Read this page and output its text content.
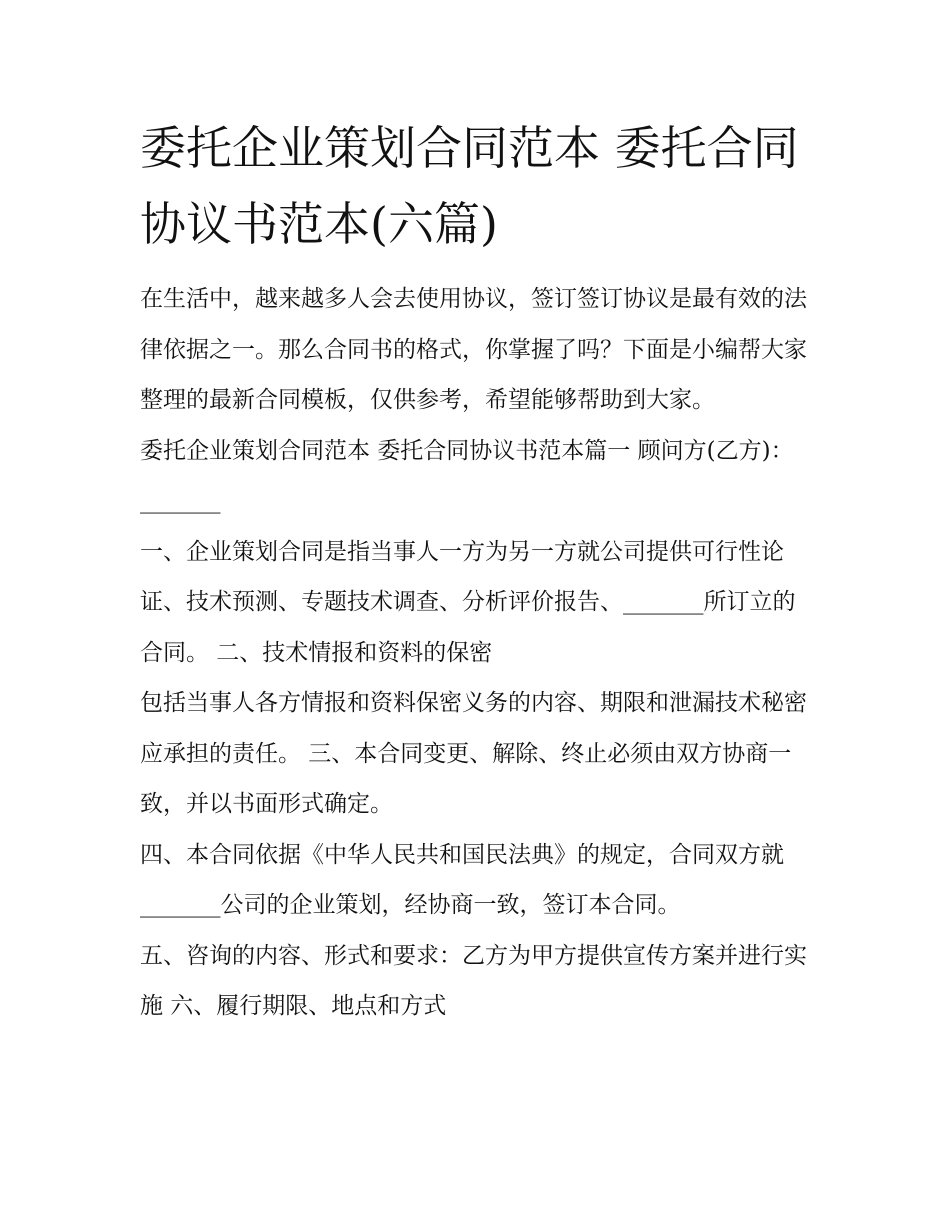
委托企业策划合同范本 委托合同协议书范本(六篇)

在生活中，越来越多人会去使用协议，签订签订协议是最有效的法律依据之一。那么合同书的格式，你掌握了吗？下面是小编帮大家整理的最新合同模板，仅供参考，希望能够帮助到大家。

委托企业策划合同范本 委托合同协议书范本篇一 顾问方(乙方)：_______

一、企业策划合同是指当事人一方为另一方就公司提供可行性论证、技术预测、专题技术调查、分析评价报告、_______所订立的合同。 二、技术情报和资料的保密

包括当事人各方情报和资料保密义务的内容、期限和泄漏技术秘密应承担的责任。 三、本合同变更、解除、终止必须由双方协商一致，并以书面形式确定。

四、本合同依据《中华人民共和国民法典》的规定，合同双方就_______公司的企业策划，经协商一致，签订本合同。

五、咨询的内容、形式和要求：乙方为甲方提供宣传方案并进行实施 六、履行期限、地点和方式
